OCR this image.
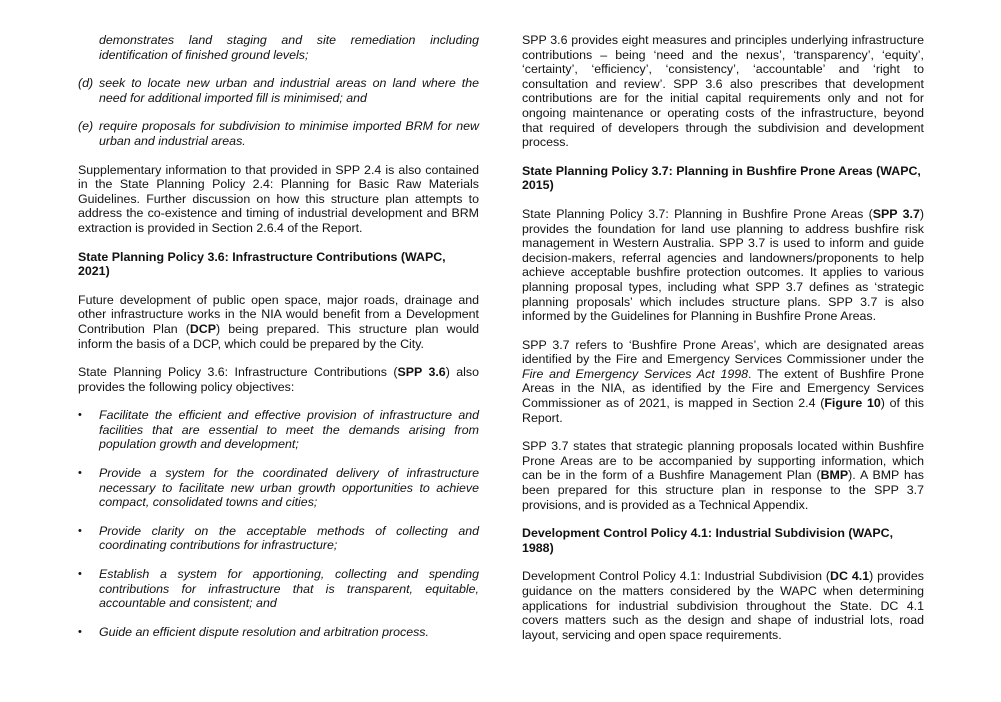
demonstrates land staging and site remediation including identification of finished ground levels;

(d) seek to locate new urban and industrial areas on land where the need for additional imported fill is minimised; and
(e) require proposals for subdivision to minimise imported BRM for new urban and industrial areas.

Supplementary information to that provided in SPP 2.4 is also contained in the State Planning Policy 2.4: Planning for Basic Raw Materials Guidelines. Further discussion on how this structure plan attempts to address the co-existence and timing of industrial development and BRM extraction is provided in Section 2.6.4 of the Report.

State Planning Policy 3.6: Infrastructure Contributions (WAPC, 2021)

Future development of public open space, major roads, drainage and other infrastructure works in the NIA would benefit from a Development Contribution Plan (DCP) being prepared. This structure plan would inform the basis of a DCP, which could be prepared by the City.

State Planning Policy 3.6: Infrastructure Contributions (SPP 3.6) also provides the following policy objectives:

•	Facilitate the efficient and effective provision of infrastructure and facilities that are essential to meet the demands arising from population growth and development;
•	Provide a system for the coordinated delivery of infrastructure necessary to facilitate new urban growth opportunities to achieve compact, consolidated towns and cities;
•	Provide clarity on the acceptable methods of collecting and coordinating contributions for infrastructure;
•	Establish a system for apportioning, collecting and spending contributions for infrastructure that is transparent, equitable, accountable and consistent; and
•	Guide an efficient dispute resolution and arbitration process.

SPP 3.6 provides eight measures and principles underlying infrastructure contributions – being ‘need and the nexus’, ‘transparency’, ‘equity’, ‘certainty’, ‘efficiency’, ‘consistency’, ‘accountable’ and ‘right to consultation and review’. SPP 3.6 also prescribes that development contributions are for the initial capital requirements only and not for ongoing maintenance or operating costs of the infrastructure, beyond that required of developers through the subdivision and development process.

State Planning Policy 3.7: Planning in Bushfire Prone Areas (WAPC, 2015)

State Planning Policy 3.7: Planning in Bushfire Prone Areas (SPP 3.7) provides the foundation for land use planning to address bushfire risk management in Western Australia. SPP 3.7 is used to inform and guide decision-makers, referral agencies and landowners/proponents to help achieve acceptable bushfire protection outcomes. It applies to various planning proposal types, including what SPP 3.7 defines as ‘strategic planning proposals’ which includes structure plans. SPP 3.7 is also informed by the Guidelines for Planning in Bushfire Prone Areas.

SPP 3.7 refers to ‘Bushfire Prone Areas’, which are designated areas identified by the Fire and Emergency Services Commissioner under the Fire and Emergency Services Act 1998. The extent of Bushfire Prone Areas in the NIA, as identified by the Fire and Emergency Services Commissioner as of 2021, is mapped in Section 2.4 (Figure 10) of this Report.

SPP 3.7 states that strategic planning proposals located within Bushfire Prone Areas are to be accompanied by supporting information, which can be in the form of a Bushfire Management Plan (BMP). A BMP has been prepared for this structure plan in response to the SPP 3.7 provisions, and is provided as a Technical Appendix.

Development Control Policy 4.1: Industrial Subdivision (WAPC, 1988)

Development Control Policy 4.1: Industrial Subdivision (DC 4.1) provides guidance on the matters considered by the WAPC when determining applications for industrial subdivision throughout the State. DC 4.1 covers matters such as the design and shape of industrial lots, road layout, servicing and open space requirements.
